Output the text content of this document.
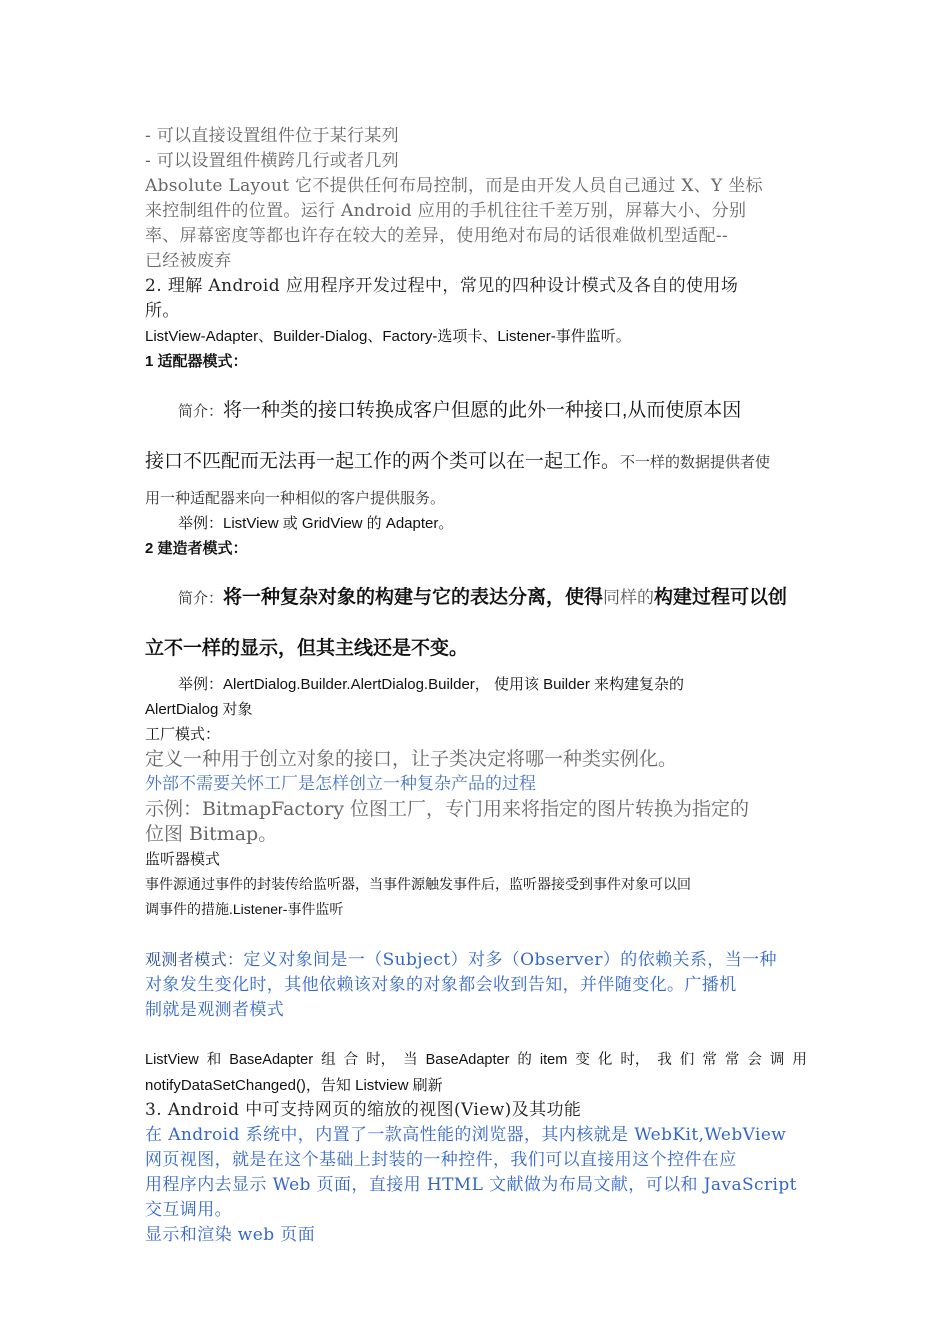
- 可以直接设置组件位于某行某列
- 可以设置组件横跨几行或者几列
Absolute Layout 它不提供任何布局控制，而是由开发人员自己通过 X、Y 坐标
来控制组件的位置。运行 Android 应用的手机往往千差万别，屏幕大小、分别
率、屏幕密度等都也许存在较大的差异，使用绝对布局的话很难做机型适配--
已经被废弃
2. 理解 Android 应用程序开发过程中，常见的四种设计模式及各自的使用场
所。
ListView-Adapter、Builder-Dialog、Factory-选项卡、Listener-事件监听。
1 适配器模式：
简介：将一种类的接口转换成客户但愿的此外一种接口,从而使原本因
接口不匹配而无法再一起工作的两个类可以在一起工作。不一样的数据提供者使
用一种适配器来向一种相似的客户提供服务。
举例：ListView 或 GridView 的 Adapter。
2 建造者模式：
简介：将一种复杂对象的构建与它的表达分离，使得同样的构建过程可以创
立不一样的显示，但其主线还是不变。
举例：AlertDialog.Builder.AlertDialog.Builder， 使用该 Builder 来构建复杂的
AlertDialog 对象
工厂模式：
定义一种用于创立对象的接口，让子类决定将哪一种类实例化。
外部不需要关怀工厂是怎样创立一种复杂产品的过程
示例：BitmapFactory 位图工厂，专门用来将指定的图片转换为指定的
位图 Bitmap。
监听器模式
事件源通过事件的封装传给监听器，当事件源触发事件后，监听器接受到事件对象可以回
调事件的措施.Listener-事件监听
观测者模式：定义对象间是一（Subject）对多（Observer）的依赖关系，当一种
对象发生变化时，其他依赖该对象的对象都会收到告知，并伴随变化。广播机
制就是观测者模式
ListView 和 BaseAdapter 组 合 时， 当 BaseAdapter 的 item 变 化 时， 我 们 常 常 会 调 用
notifyDataSetChanged()，告知 Listview 刷新
3. Android 中可支持网页的缩放的视图(View)及其功能
在 Android 系统中，内置了一款高性能的浏览器，其内核就是 WebKit,WebView
网页视图，就是在这个基础上封装的一种控件，我们可以直接用这个控件在应
用程序内去显示 Web 页面，直接用 HTML 文献做为布局文献，可以和 JavaScript
交互调用。
显示和渲染 web 页面
